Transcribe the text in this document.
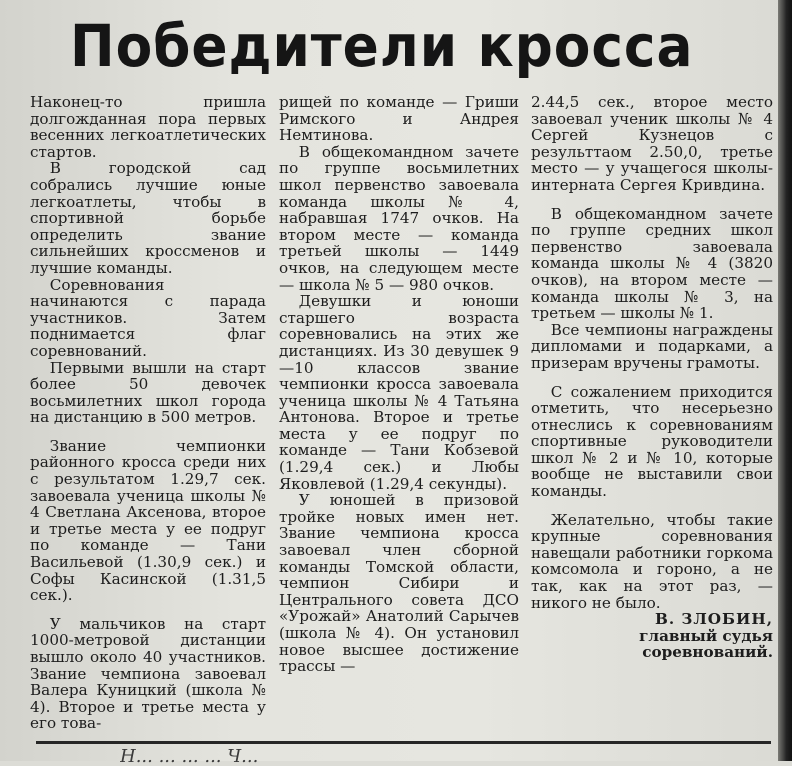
Победители кросса

Наконец-то пришла долгожданная пора первых весенних легкоатлетических стартов.

В городской сад собрались лучшие юные легкоатлеты, чтобы в спортивной борьбе определить звание сильнейших кроссменов и лучшие команды.

Соревнования начинаются с парада участников. Затем поднимается флаг соревнований.

Первыми вышли на старт более 50 девочек восьмилетних школ города на дистанцию в 500 метров.

Звание чемпионки районного кросса среди них с результатом 1.29,7 сек. завоевала ученица школы № 4 Светлана Аксенова, второе и третье места у ее подруг по команде — Тани Васильевой (1.30,9 сек.) и Софы Касинской (1.31,5 сек.).

У мальчиков на старт 1000-метровой дистанции вышло около 40 участников. Звание чемпиона завоевал Валера Куницкий (школа № 4). Второе и третье места у его това-

рищей по команде — Гриши Римского и Андрея Немтинова.

В общекомандном зачете по группе восьмилетних школ первенство завоевала команда школы № 4, набравшая 1747 очков. На втором месте — команда третьей школы — 1449 очков, на следующем месте — школа № 5 — 980 очков.

Девушки и юноши старшего возраста соревновались на этих же дистанциях. Из 30 девушек 9—10 классов звание чемпионки кросса завоевала ученица школы № 4 Татьяна Антонова. Второе и третье места у ее подруг по команде — Тани Кобзевой (1.29,4 сек.) и Любы Яковлевой (1.29,4 секунды).

У юношей в призовой тройке новых имен нет. Звание чемпиона кросса завоевал член сборной команды Томской области, чемпион Сибири и Центрального совета ДСО «Урожай» Анатолий Сарычев (школа № 4). Он установил новое высшее достижение трассы —

2.44,5 сек., второе место завоевал ученик школы № 4 Сергей Кузнецов с результтаом 2.50,0, третье место — у учащегося школы-интерната Сергея Кривдина.

В общекомандном зачете по группе средних школ первенство завоевала команда школы № 4 (3820 очков), на втором месте — команда школы № 3, на третьем — школы № 1.

Все чемпионы награждены дипломами и подарками, а призерам вручены грамоты.

С сожалением приходится отметить, что несерьезно отнеслись к соревнованиям спортивные руководители школ № 2 и № 10, которые вообще не выставили свои команды.

Желательно, чтобы такие крупные соревнования навещали работники горкома комсомола и гороно, а не так, как на этот раз, — никого не было.

В. ЗЛОБИН,

главный судья соревнований.

Н... ... ... ... Ч...
